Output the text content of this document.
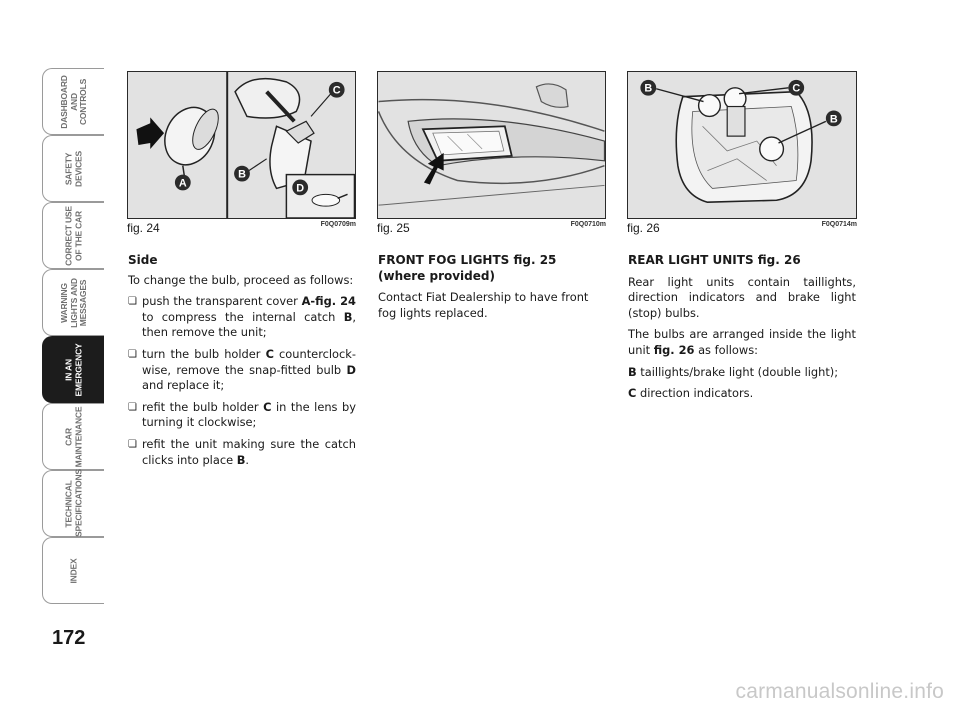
DASHBOARD
AND CONTROLS
SAFETY
DEVICES
CORRECT USE
OF THE CAR
WARNING
LIGHTS AND
MESSAGES
IN AN
EMERGENCY
CAR
MAINTENANCE
TECHNICAL
SPECIFICATIONS
INDEX
172
A
B
C
D
fig. 24	F0Q0709m fig. 25	F0Q0710m
B	C
B
fig. 26	F0Q0714m
Side

To change the bulb, proceed as follows:

❏ push the transparent cover A-fig. 24 to compress the internal catch B, then remove the unit;
❏ turn the bulb holder C counterclock-wise, remove the snap-fitted bulb D and replace it;
❏ refit the bulb holder C in the lens by turning it clockwise;
❏ refit the unit making sure the catch clicks into place B.
FRONT FOG LIGHTS fig. 25
(where provided)

Contact Fiat Dealership to have front fog lights replaced.

REAR LIGHT UNITS fig. 26

Rear light units contain taillights, direction indicators and brake light (stop) bulbs.

The bulbs are arranged inside the light unit fig. 26 as follows:

B taillights/brake light (double light);

C direction indicators.

carmanualsonline.info
